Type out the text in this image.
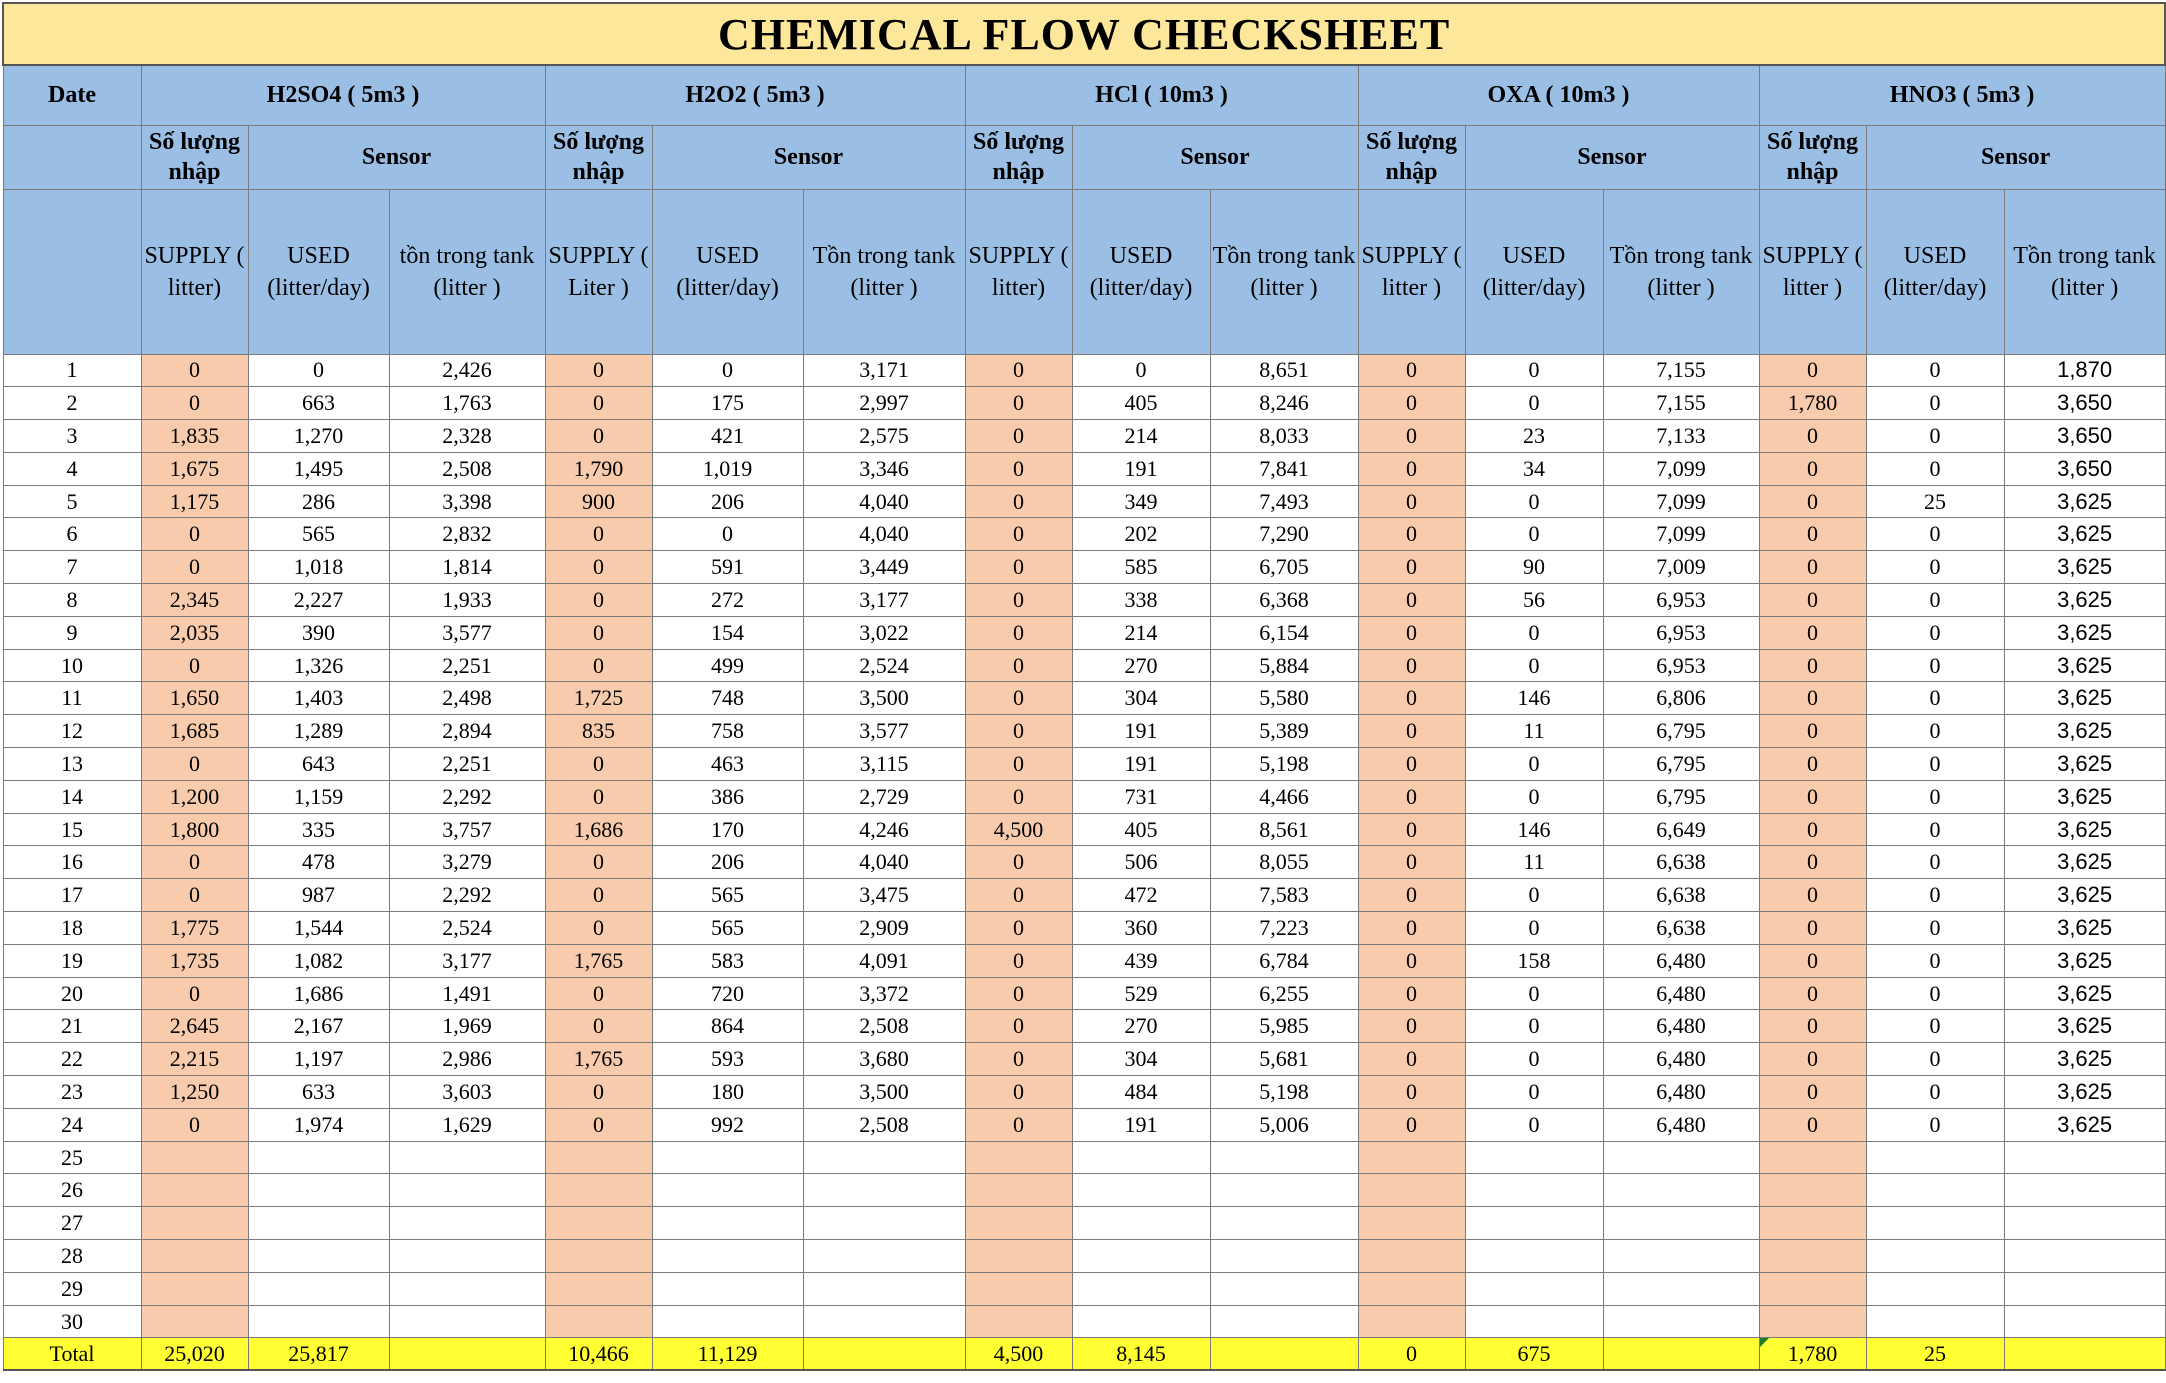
CHEMICAL FLOW CHECKSHEET															
Date	H2SO4 ( 5m3 )			H2O2 ( 5m3 )			HCl ( 10m3 )			OXA ( 10m3 )			HNO3 ( 5m3 )		
	Số lượng nhập	Sensor		Số lượng nhập	Sensor		Số lượng nhập	Sensor		Số lượng nhập	Sensor		Số lượng nhập	Sensor	
	SUPPLY ( litter)	USED (litter/day)	tồn trong tank (litter )	SUPPLY ( Liter )	USED (litter/day)	Tồn trong tank (litter )	SUPPLY ( litter)	USED (litter/day)	Tồn trong tank (litter )	SUPPLY ( litter )	USED (litter/day)	Tồn trong tank (litter )	SUPPLY ( litter )	USED (litter/day)	Tồn trong tank (litter )
1	0	0	2,426	0	0	3,171	0	0	8,651	0	0	7,155	0	0	1,870
2	0	663	1,763	0	175	2,997	0	405	8,246	0	0	7,155	1,780	0	3,650
3	1,835	1,270	2,328	0	421	2,575	0	214	8,033	0	23	7,133	0	0	3,650
4	1,675	1,495	2,508	1,790	1,019	3,346	0	191	7,841	0	34	7,099	0	0	3,650
5	1,175	286	3,398	900	206	4,040	0	349	7,493	0	0	7,099	0	25	3,625
6	0	565	2,832	0	0	4,040	0	202	7,290	0	0	7,099	0	0	3,625
7	0	1,018	1,814	0	591	3,449	0	585	6,705	0	90	7,009	0	0	3,625
8	2,345	2,227	1,933	0	272	3,177	0	338	6,368	0	56	6,953	0	0	3,625
9	2,035	390	3,577	0	154	3,022	0	214	6,154	0	0	6,953	0	0	3,625
10	0	1,326	2,251	0	499	2,524	0	270	5,884	0	0	6,953	0	0	3,625
11	1,650	1,403	2,498	1,725	748	3,500	0	304	5,580	0	146	6,806	0	0	3,625
12	1,685	1,289	2,894	835	758	3,577	0	191	5,389	0	11	6,795	0	0	3,625
13	0	643	2,251	0	463	3,115	0	191	5,198	0	0	6,795	0	0	3,625
14	1,200	1,159	2,292	0	386	2,729	0	731	4,466	0	0	6,795	0	0	3,625
15	1,800	335	3,757	1,686	170	4,246	4,500	405	8,561	0	146	6,649	0	0	3,625
16	0	478	3,279	0	206	4,040	0	506	8,055	0	11	6,638	0	0	3,625
17	0	987	2,292	0	565	3,475	0	472	7,583	0	0	6,638	0	0	3,625
18	1,775	1,544	2,524	0	565	2,909	0	360	7,223	0	0	6,638	0	0	3,625
19	1,735	1,082	3,177	1,765	583	4,091	0	439	6,784	0	158	6,480	0	0	3,625
20	0	1,686	1,491	0	720	3,372	0	529	6,255	0	0	6,480	0	0	3,625
21	2,645	2,167	1,969	0	864	2,508	0	270	5,985	0	0	6,480	0	0	3,625
22	2,215	1,197	2,986	1,765	593	3,680	0	304	5,681	0	0	6,480	0	0	3,625
23	1,250	633	3,603	0	180	3,500	0	484	5,198	0	0	6,480	0	0	3,625
24	0	1,974	1,629	0	992	2,508	0	191	5,006	0	0	6,480	0	0	3,625
25															
26															
27															
28															
29															
30															
Total	25,020	25,817		10,466	11,129		4,500	8,145		0	675		1,780	25	
